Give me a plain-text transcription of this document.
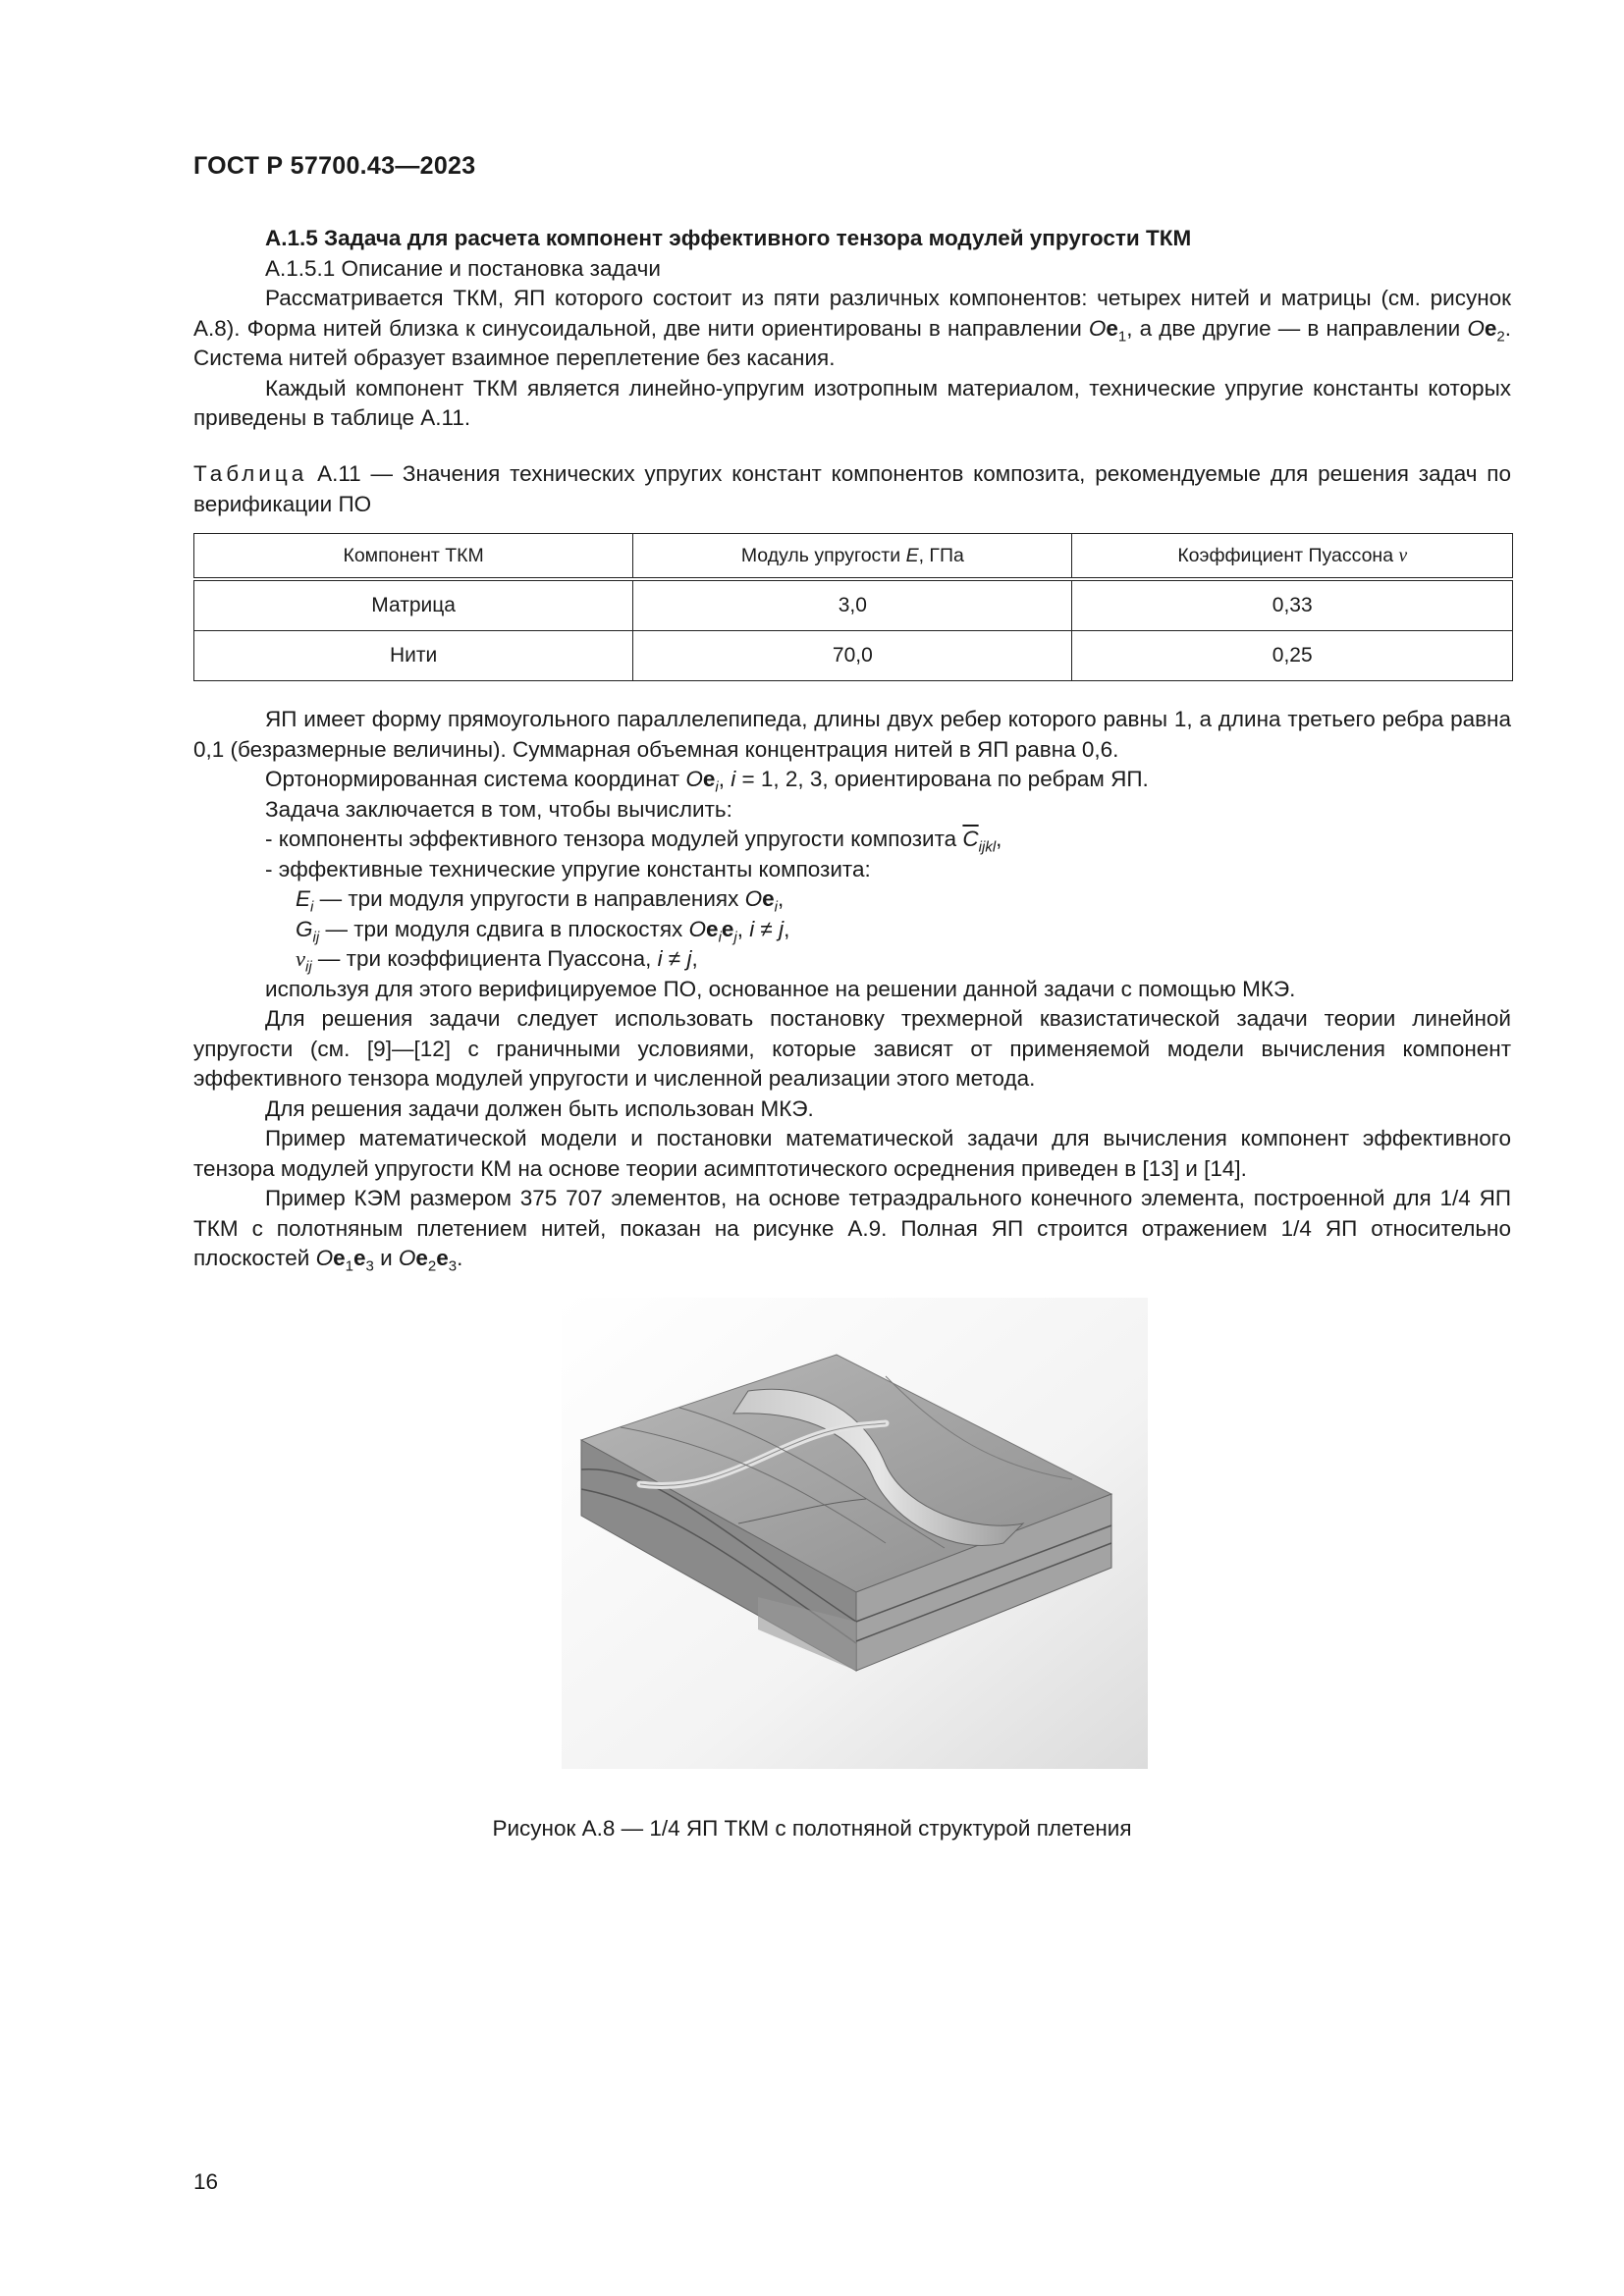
ГОСТ Р 57700.43—2023

А.1.5 Задача для расчета компонент эффективного тензора модулей упругости ТКМ

А.1.5.1 Описание и постановка задачи

Рассматривается ТКМ, ЯП которого состоит из пяти различных компонентов: четырех нитей и матрицы (см. рисунок А.8). Форма нитей близка к синусоидальной, две нити ориентированы в направлении $Oe_1$, а две другие — в направлении $Oe_2$. Система нитей образует взаимное переплетение без касания.

Каждый компонент ТКМ является линейно-упругим изотропным материалом, технические упругие константы которых приведены в таблице А.11.

Таблица А.11 — Значения технических упругих констант компонентов композита, рекомендуемые для решения задач по верификации ПО

Компонент ТКМ	Модуль упругости E, ГПа	Коэффициент Пуассона ν
Матрица	3,0	0,33
Нити	70,0	0,25

ЯП имеет форму прямоугольного параллелепипеда, длины двух ребер которого равны 1, а длина третьего ребра равна 0,1 (безразмерные величины). Суммарная объемная концентрация нитей в ЯП равна 0,6.

Ортонормированная система координат $Oe_i$, i = 1, 2, 3, ориентирована по ребрам ЯП.

Задача заключается в том, чтобы вычислить:

- компоненты эффективного тензора модулей упругости композита $\overline{C}_{ijkl}$,

- эффективные технические упругие константы композита:

$E_i$ — три модуля упругости в направлениях $Oe_i$,

$G_{ij}$ — три модуля сдвига в плоскостях $Oe_ie_j$, i ≠ j,

$\nu_{ij}$ — три коэффициента Пуассона, i ≠ j,

используя для этого верифицируемое ПО, основанное на решении данной задачи с помощью МКЭ.

Для решения задачи следует использовать постановку трехмерной квазистатической задачи теории линейной упругости (см. [9]—[12] с граничными условиями, которые зависят от применяемой модели вычисления компонент эффективного тензора модулей упругости и численной реализации этого метода.

Для решения задачи должен быть использован МКЭ.

Пример математической модели и постановки математической задачи для вычисления компонент эффективного тензора модулей упругости КМ на основе теории асимптотического осреднения приведен в [13] и [14].

Пример КЭМ размером 375 707 элементов, на основе тетраэдрального конечного элемента, построенной для 1/4 ЯП ТКМ с полотняным плетением нитей, показан на рисунке А.9. Полная ЯП строится отражением 1/4 ЯП относительно плоскостей $Oe_1e_3$ и $Oe_2e_3$.

Рисунок А.8 — 1/4 ЯП ТКМ с полотняной структурой плетения
16
